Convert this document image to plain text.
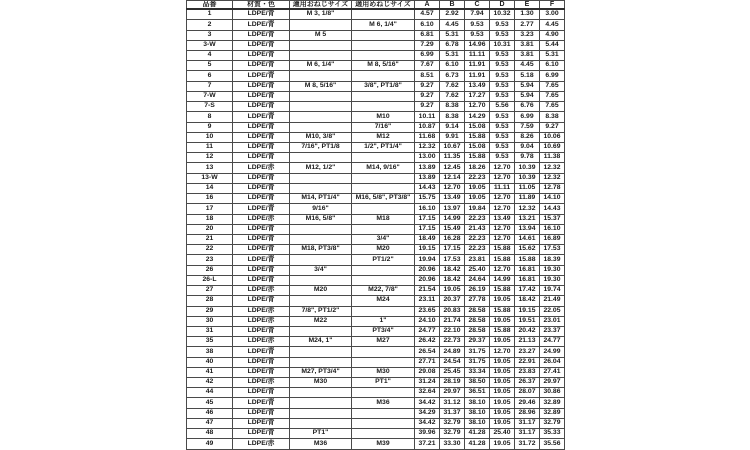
品番	材質・色	適用おねじサイズ	適用めねじサイズ	A	B	C	D	E	F
1	LDPE/青	M 3, 1/8"		4.57	2.92	7.94	10.32	1.30	3.00
2	LDPE/青		M 6, 1/4"	6.10	4.45	9.53	9.53	2.77	4.45
3	LDPE/青	M 5		6.81	5.31	9.53	9.53	3.23	4.90
3-W	LDPE/青			7.29	6.78	14.96	10.31	3.81	5.44
4	LDPE/青			6.99	5.31	11.11	9.53	3.81	5.31
5	LDPE/青	M 6, 1/4"	M 8, 5/16"	7.67	6.10	11.91	9.53	4.45	6.10
6	LDPE/青			8.51	6.73	11.91	9.53	5.18	6.99
7	LDPE/青	M 8, 5/16"	3/8", PT1/8"	9.27	7.62	13.49	9.53	5.94	7.65
7-W	LDPE/青			9.27	7.62	17.27	9.53	5.94	7.65
7-S	LDPE/青			9.27	8.38	12.70	5.56	6.76	7.65
8	LDPE/青		M10	10.11	8.38	14.29	9.53	6.99	8.38
9	LDPE/青		7/16"	10.87	9.14	15.08	9.53	7.59	9.27
10	LDPE/青	M10, 3/8"	M12	11.68	9.91	15.88	9.53	8.26	10.06
11	LDPE/青	7/16", PT1/8	1/2", PT1/4"	12.32	10.67	15.08	9.53	9.04	10.69
12	LDPE/青			13.00	11.35	15.88	9.53	9.78	11.38
13	LDPE/赤	M12, 1/2"	M14, 9/16"	13.89	12.45	18.26	12.70	10.39	12.32
13-W	LDPE/青			13.89	12.14	22.23	12.70	10.39	12.32
14	LDPE/青			14.43	12.70	19.05	11.11	11.05	12.78
16	LDPE/青	M14, PT1/4"	M16, 5/8", PT3/8"	15.75	13.49	19.05	12.70	11.89	14.10
17	LDPE/青	9/16"		16.10	13.97	19.84	12.70	12.32	14.43
18	LDPE/赤	M16, 5/8"	M18	17.15	14.99	22.23	13.49	13.21	15.37
20	LDPE/青			17.15	15.49	21.43	12.70	13.94	16.10
21	LDPE/青		3/4"	18.49	16.28	22.23	12.70	14.61	16.89
22	LDPE/青	M18, PT3/8"	M20	19.15	17.15	22.23	15.88	15.62	17.53
23	LDPE/青		PT1/2"	19.94	17.53	23.81	15.88	15.88	18.39
26	LDPE/青	3/4"		20.96	18.42	25.40	12.70	16.81	19.30
26-L	LDPE/青			20.96	18.42	24.64	14.99	16.81	19.30
27	LDPE/赤	M20	M22, 7/8"	21.54	19.05	26.19	15.88	17.42	19.74
28	LDPE/青		M24	23.11	20.37	27.78	19.05	18.42	21.49
29	LDPE/赤	7/8", PT1/2"		23.65	20.83	28.58	15.88	19.15	22.05
30	LDPE/赤	M22	1"	24.10	21.74	28.58	19.05	19.51	23.01
31	LDPE/青		PT3/4"	24.77	22.10	28.58	15.88	20.42	23.37
35	LDPE/赤	M24, 1"	M27	26.42	22.73	29.37	19.05	21.13	24.77
38	LDPE/青			26.54	24.89	31.75	12.70	23.27	24.99
40	LDPE/青			27.71	24.54	31.75	19.05	22.91	26.04
41	LDPE/青	M27, PT3/4"	M30	29.08	25.45	33.34	19.05	23.83	27.41
42	LDPE/赤	M30	PT1"	31.24	28.19	38.50	19.05	26.37	29.97
44	LDPE/青			32.64	29.97	36.51	19.05	28.07	30.86
45	LDPE/青		M36	34.42	31.12	38.10	19.05	29.46	32.89
46	LDPE/青			34.29	31.37	38.10	19.05	28.96	32.89
47	LDPE/青			34.42	32.79	38.10	19.05	31.17	32.79
48	LDPE/青	PT1"		39.96	32.79	41.28	25.40	31.17	35.33
49	LDPE/赤	M36	M39	37.21	33.30	41.28	19.05	31.72	35.56
